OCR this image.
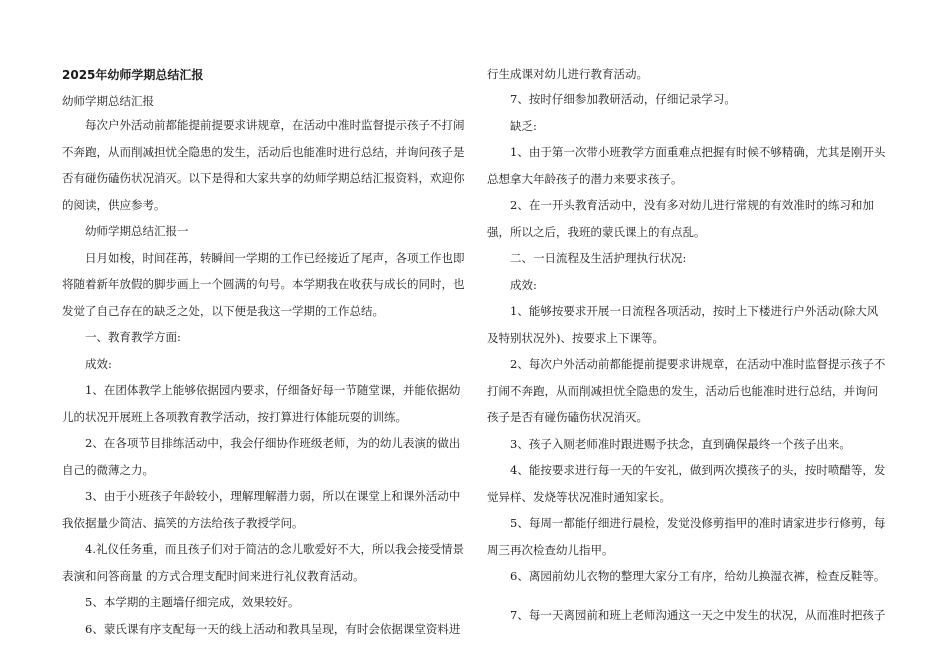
2025年幼师学期总结汇报

幼师学期总结汇报

每次户外活动前都能提前提要求讲规章，在活动中准时监督提示孩子不打闹不奔跑，从而削减担忧全隐患的发生，活动后也能准时进行总结，并询问孩子是否有碰伤磕伤状况消灭。以下是得和大家共享的幼师学期总结汇报资料，欢迎你的阅读，供应参考。

幼师学期总结汇报一

日月如梭，时间荏苒，转瞬间一学期的工作已经接近了尾声，各项工作也即将随着新年放假的脚步画上一个圆满的句号。本学期我在收获与成长的同时，也发觉了自己存在的缺乏之处，以下便是我这一学期的工作总结。

一、教育教学方面:

成效:

1、在团体教学上能够依据园内要求，仔细备好每一节随堂课，并能依据幼儿的状况开展班上各项教育教学活动，按打算进行体能玩耍的训练。

2、在各项节目排练活动中，我会仔细协作班级老师，为的幼儿表演的做出自己的微薄之力。

3、由于小班孩子年龄较小，理解理解潜力弱，所以在课堂上和课外活动中我依据量少简洁、搞笑的方法给孩子教授学问。

4.礼仪任务重，而且孩子们对于简洁的念儿歌爱好不大，所以我会接受情景表演和问答商量 的方式合理支配时间来进行礼仪教育活动。

5、本学期的主题墙仔细完成，效果较好。

6、蒙氏课有序支配每一天的线上活动和教具呈现，有时会依据课堂资料进

行生成课对幼儿进行教育活动。

7、按时仔细参加教研活动，仔细记录学习。

缺乏:

1、由于第一次带小班教学方面重难点把握有时候不够精确，尤其是刚开头总想拿大年龄孩子的潜力来要求孩子。

2、在一开头教育活动中，没有多对幼儿进行常规的有效准时的练习和加强，所以之后，我班的蒙氏课上的有点乱。

二、一日流程及生活护理执行状况:

成效:

1、能够按要求开展一日流程各项活动，按时上下楼进行户外活动(除大风及特别状况外)、按要求上下课等。

2、每次户外活动前都能提前提要求讲规章，在活动中准时监督提示孩子不打闹不奔跑，从而削减担忧全隐患的发生，活动后也能准时进行总结，并询问孩子是否有碰伤磕伤状况消灭。

3、孩子入厕老师准时跟进赐予扶念，直到确保最终一个孩子出来。

4、能按要求进行每一天的午安礼，做到两次摸孩子的头，按时喷醋等，发觉异样、发烧等状况准时通知家长。

5、每周一都能仔细进行晨检，发觉没修剪指甲的准时请家进步行修剪，每周三再次检查幼儿指甲。

6、离园前幼儿衣物的整理大家分工有序，给幼儿换湿衣裤，检查反鞋等。

7、每一天离园前和班上老师沟通这一天之中发生的状况，从而准时把孩子
